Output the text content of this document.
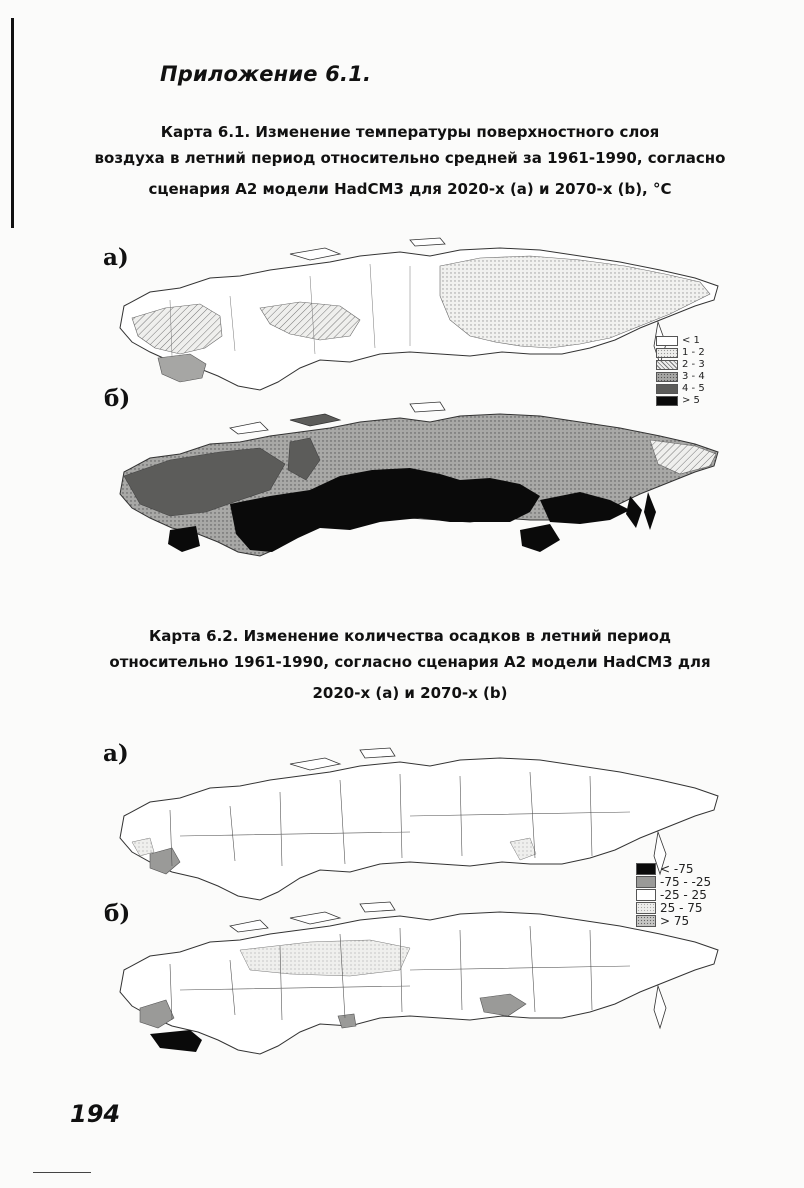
Приложение 6.1.
Карта 6.1. Изменение температуры поверхностного слоя
воздуха в летний период относительно средней за 1961-1990, согласно
сценария А2 модели HadCM3 для 2020-х (а) и 2070-х (b), °С
а)
б)
< 1
1 - 2
2 - 3
3 - 4
4 - 5
> 5
Карта 6.2. Изменение количества осадков в летний период
относительно 1961-1990, согласно сценария А2 модели HadCM3 для
2020-х (а) и 2070-х (b)
а)
б)
< -75
-75 - -25
-25 - 25
25 - 75
> 75
194
